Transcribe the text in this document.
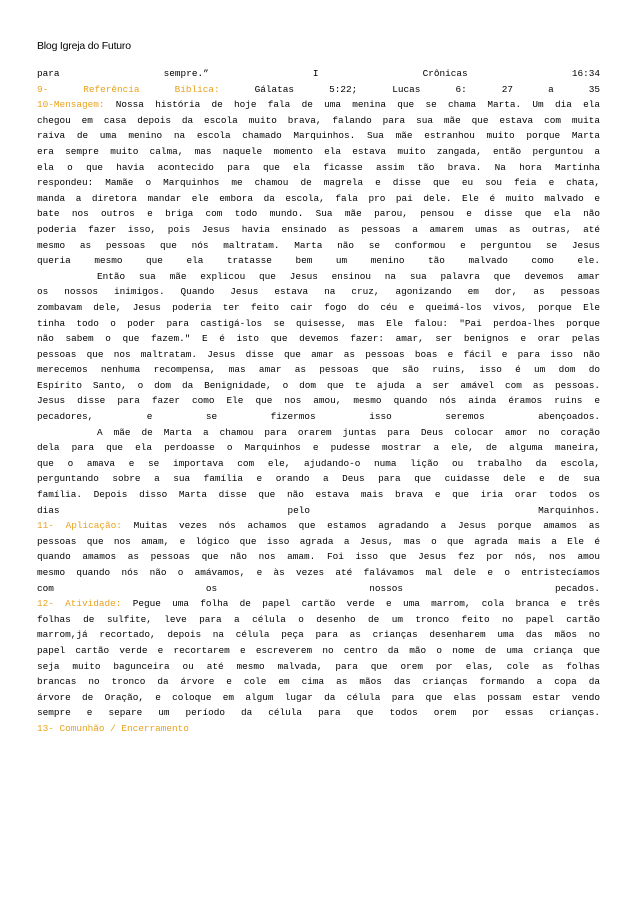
Blog Igreja do Futuro
para sempre.” I Crônicas 16:34
9- Referência Bíblica: Gálatas 5:22; Lucas 6: 27 a 35
10-Mensagem: Nossa história de hoje fala de uma menina que se chama Marta. Um dia ela
chegou em casa depois da escola muito brava, falando para sua mãe que estava com muita
raiva de uma menino na escola chamado Marquinhos. Sua mãe estranhou muito porque Marta
era sempre muito calma, mas naquele momento ela estava muito zangada, então perguntou a
ela o que havia acontecido para que ela ficasse assim tão brava. Na hora Martinha
respondeu: Mamãe o Marquinhos me chamou de magrela e disse que eu sou feia e chata,
manda a diretora mandar ele embora da escola, fala pro pai dele. Ele é muito malvado e
bate nos outros e briga com todo mundo. Sua mãe parou, pensou e disse que ela não
poderia fazer isso, pois Jesus havia ensinado as pessoas a amarem umas as outras, até
mesmo as pessoas que nós maltratam. Marta não se conformou e perguntou se Jesus
queria mesmo que ela tratasse bem um menino tão malvado como ele.
Então sua mãe explicou que Jesus ensinou na sua palavra que devemos amar
os nossos inimigos. Quando Jesus estava na cruz, agonizando em dor, as pessoas
zombavam dele, Jesus poderia ter feito cair fogo do céu e queimá-los vivos, porque Ele
tinha todo o poder para castigá-los se quisesse, mas Ele falou: "Pai perdoa-lhes porque
não sabem o que fazem." E é isto que devemos fazer: amar, ser benignos e orar pelas
pessoas que nos maltratam. Jesus disse que amar as pessoas boas e fácil e para isso não
merecemos nenhuma recompensa, mas amar as pessoas que são ruins, isso é um dom do
Espírito Santo, o dom da Benignidade, o dom que te ajuda a ser amável com as pessoas.
Jesus disse para fazer como Ele que nos amou, mesmo quando nós ainda éramos ruins e
pecadores, e se fizermos isso seremos abençoados.
A mãe de Marta a chamou para orarem juntas para Deus colocar amor no coração
dela para que ela perdoasse o Marquinhos e pudesse mostrar a ele, de alguma maneira,
que o amava e se importava com ele, ajudando-o numa lição ou trabalho da escola,
perguntando sobre a sua família e orando a Deus para que cuidasse dele e de sua
família. Depois disso Marta disse que não estava mais brava e que iria orar todos os
dias pelo Marquinhos.
11- Aplicação: Muitas vezes nós achamos que estamos agradando a Jesus porque amamos as
pessoas que nos amam, e lógico que isso agrada a Jesus, mas o que agrada mais a Ele é
quando amamos as pessoas que não nos amam. Foi isso que Jesus fez por nós, nos amou
mesmo quando nós não o amávamos, e às vezes até falávamos mal dele e o entristecíamos
com os nossos pecados.
12- Atividade: Pegue uma folha de papel cartão verde e uma marrom, cola branca e três
folhas de sulfite, leve para a célula o desenho de um tronco feito no papel cartão
marrom,já recortado, depois na célula peça para as crianças desenharem uma das mãos no
papel cartão verde e recortarem e escreverem no centro da mão o nome de uma criança que
seja muito bagunceira ou até mesmo malvada, para que orem por elas, cole as folhas
brancas no tronco da árvore e cole em cima as mãos das crianças formando a copa da
árvore de Oração, e coloque em algum lugar da célula para que elas possam estar vendo
sempre e separe um período da célula para que todos orem por essas crianças.
13- Comunhão / Encerramento
